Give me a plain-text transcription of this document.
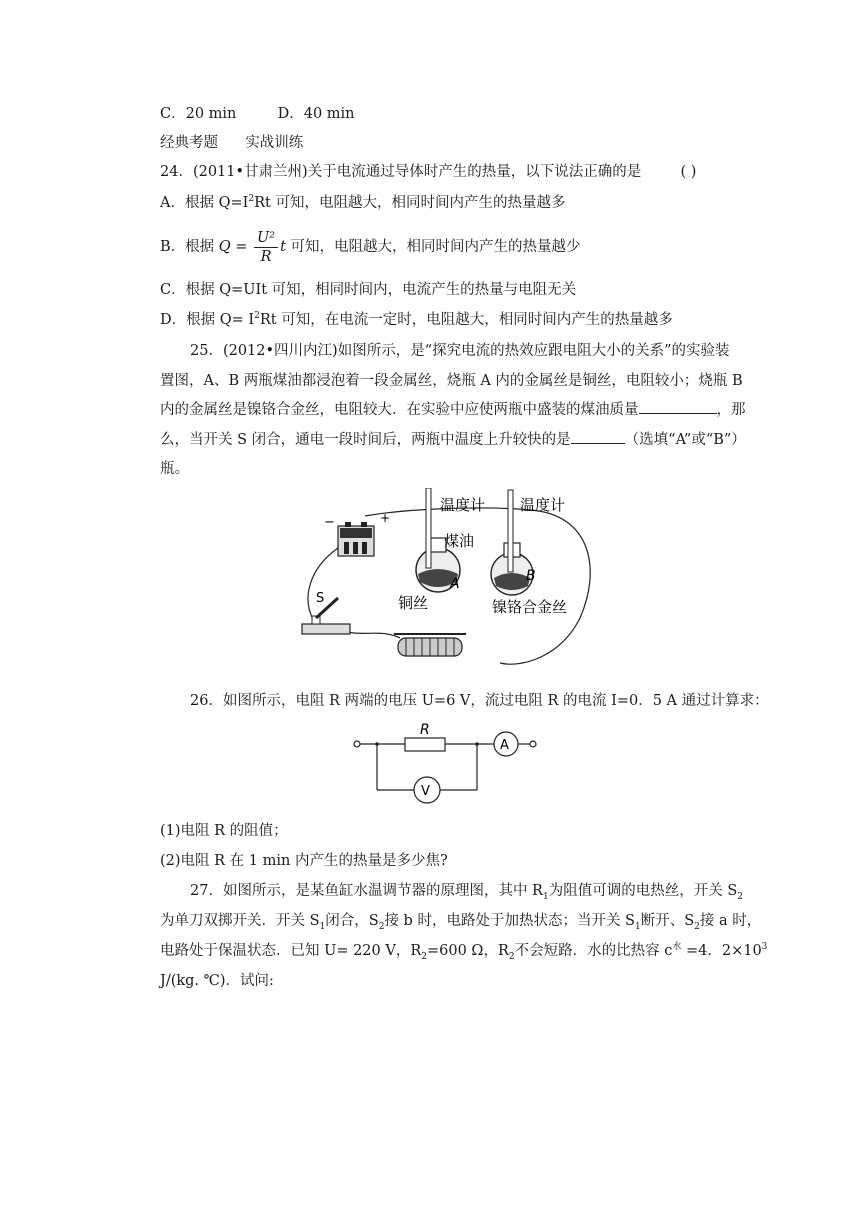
C．20 min	D．40 min
经典考题 实战训练
24．(2011•甘肃兰州)关于电流通过导体时产生的热量，以下说法正确的是	( )
A．根据 $Q=I^2Rt$ 可知，电阻越大，相同时间内产生的热量越多
B．根据 $Q = \frac{\text{U²}}{R}$ t 可知，电阻越大，相同时间内产生的热量越少
C．根据 Q=UIt 可知，相同时间内，电流产生的热量与电阻无关
D．根据 $Q= I^2Rt$ 可知，在电流一定时，电阻越大，相同时间内产生的热量越多
25．(2012•四川内江)如图所示，是“探究电流的热效应跟电阻大小的关系”的实验装
置图，A、B 两瓶煤油都浸泡着一段金属丝，烧瓶 A 内的金属丝是铜丝，电阻较小；烧瓶 B
内的金属丝是镍铬合金丝，电阻较大．在实验中应使两瓶中盛装的煤油质量	，那
么，当开关 S 闭合，通电一段时间后，两瓶中温度上升较快的是	（选填“A”或“B”）
瓶。
−	+
温度计 温度计
煤油
A	B
铜丝	镍铬合金丝
S
26．如图所示，电阻 R 两端的电压 U=6 V，流过电阻 R 的电流 I=0．5 A 通过计算求：
R
A
V
(1)电阻 R 的阻值；
(2)电阻 R 在 1 min 内产生的热量是多少焦?
27．如图所示，是某鱼缸水温调节器的原理图，其中 $R_1$为阻值可调的电热丝，开关 $S_2$
为单刀双掷开关．开关 $S_1$闭合，$S_2$接 b 时，电路处于加热状态；当开关 $S_1$断开、$S_2$接 a 时，
电路处于保温状态．已知 U= 220 V，$R_2=600$ Ω，$R_2$不会短路．水的比热容 $c^水 =4$．$2\times 10^3$
J/(kg. ℃)．试问:
